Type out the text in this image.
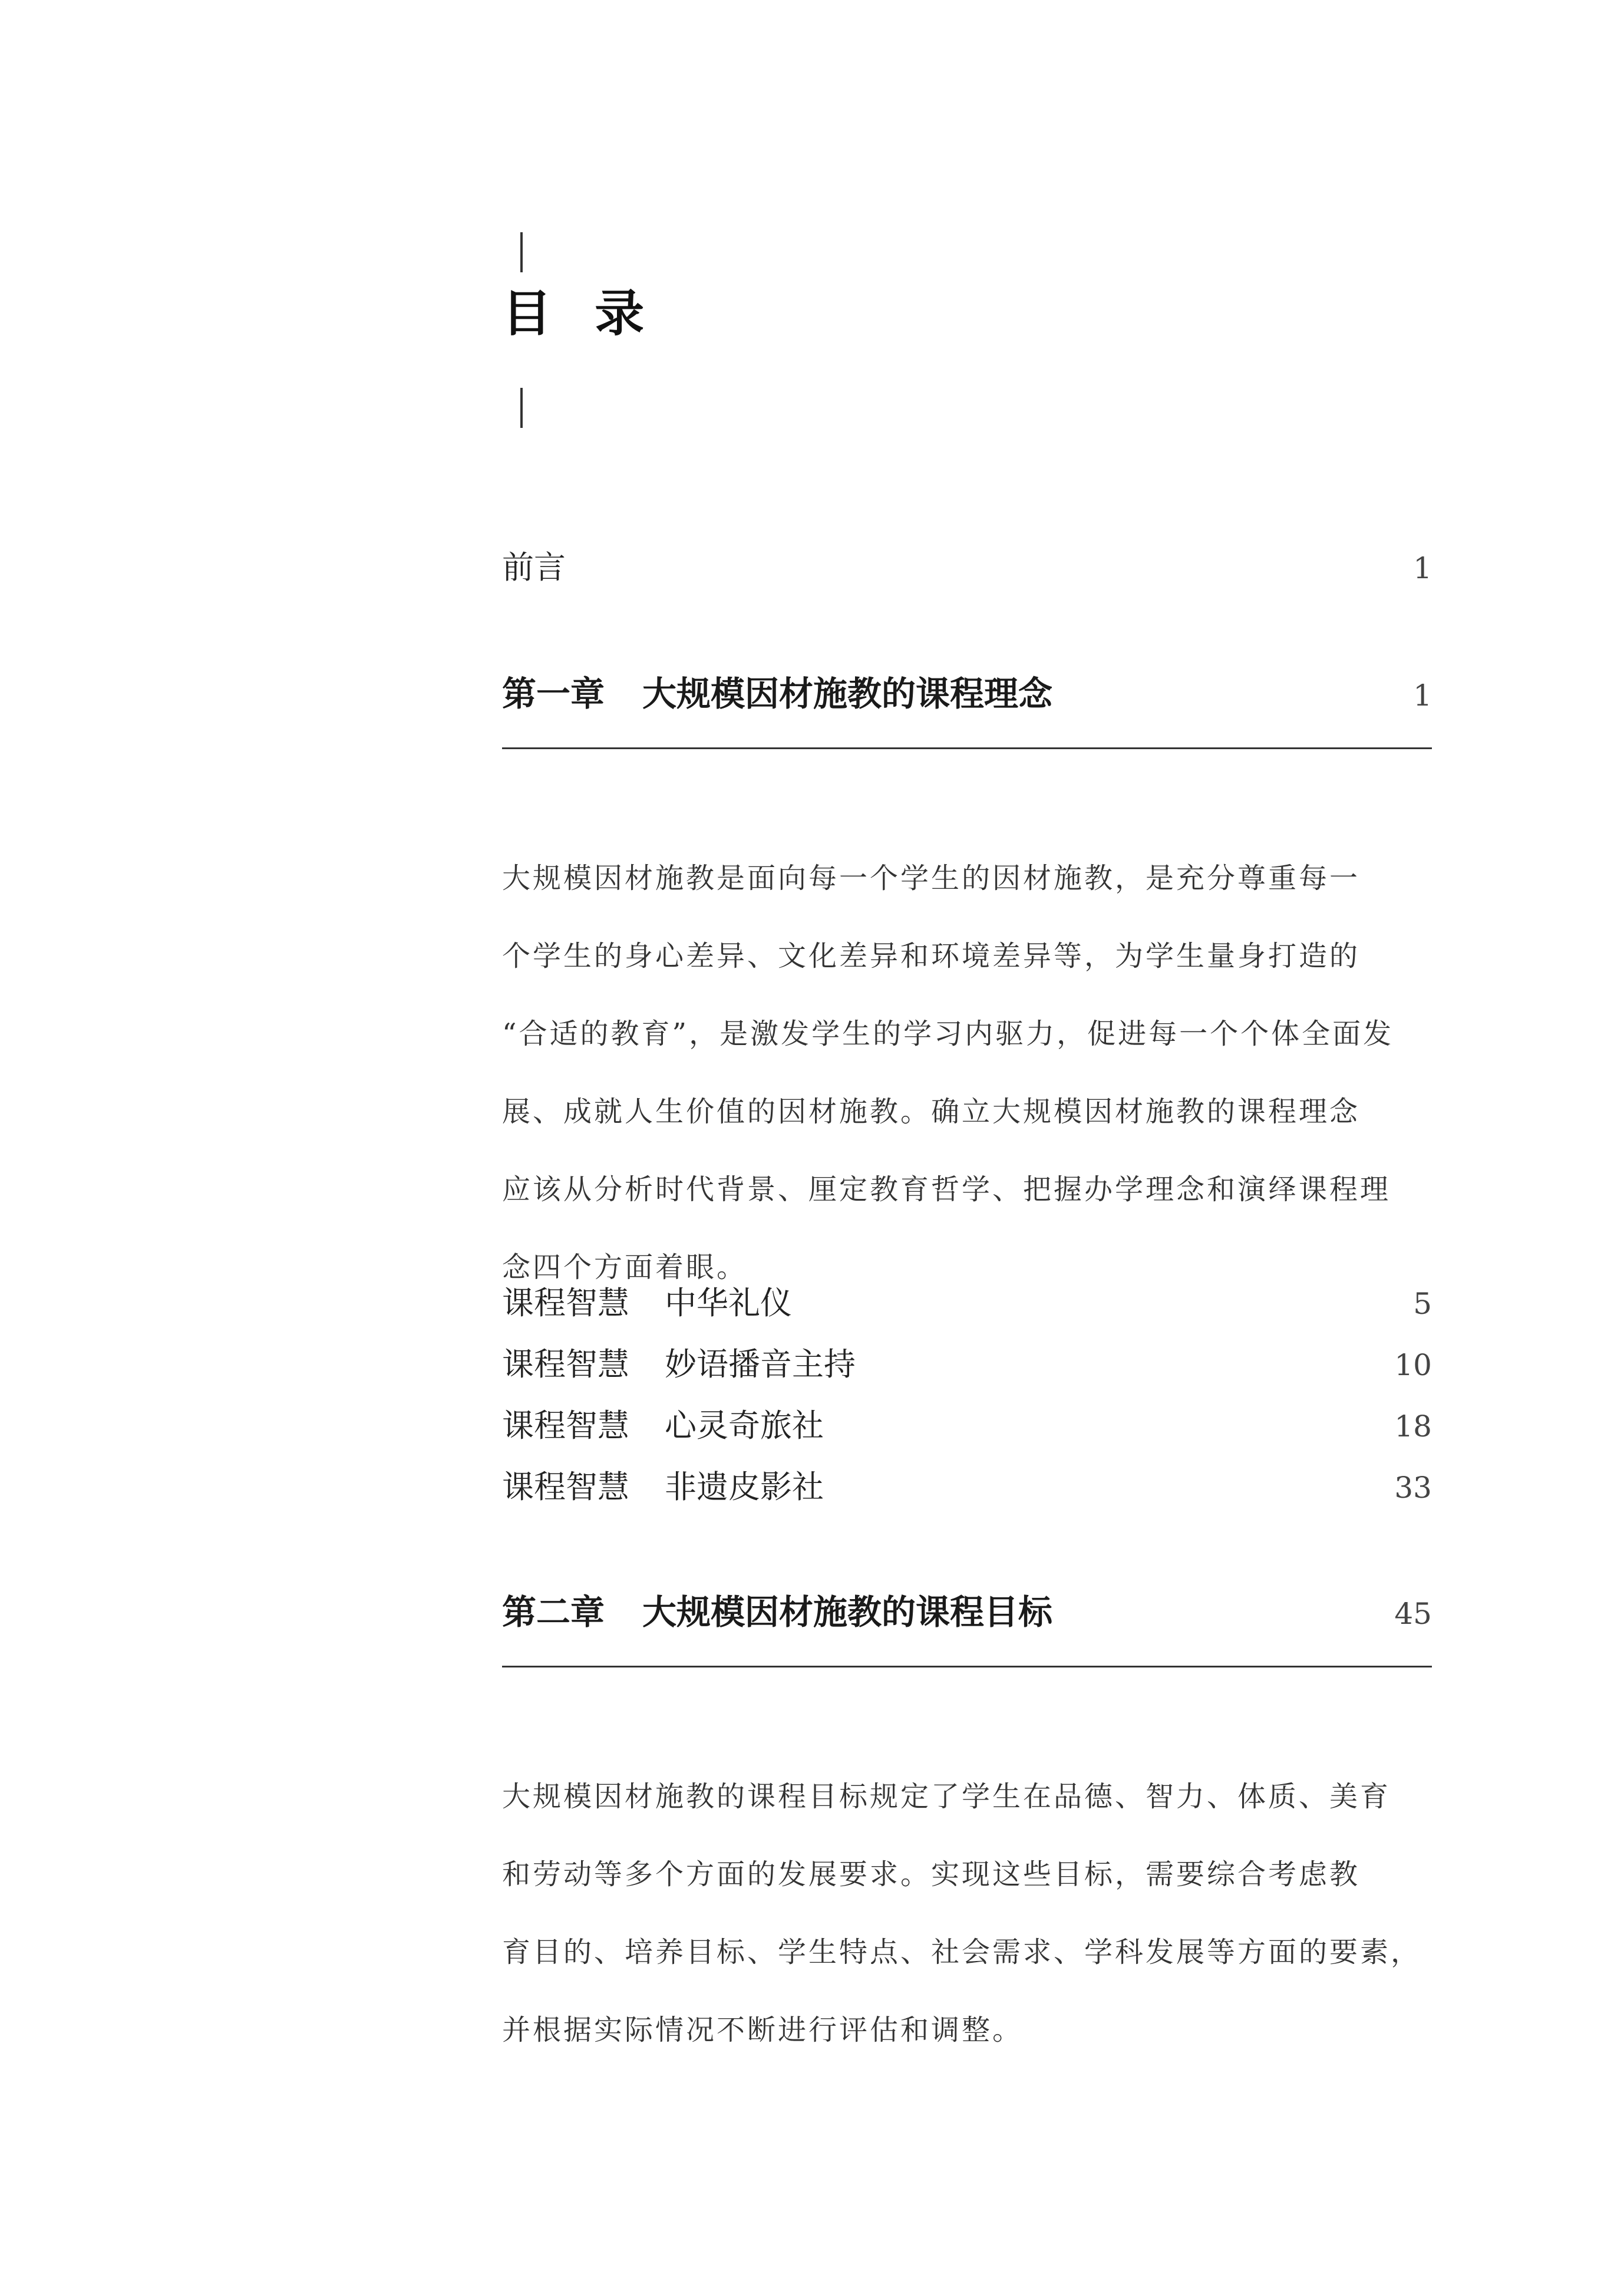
目 录
前言	1
第一章 大规模因材施教的课程理念	1
大规模因材施教是面向每一个学生的因材施教，是充分尊重每一
个学生的身心差异、文化差异和环境差异等，为学生量身打造的
“合适的教育”，是激发学生的学习内驱力，促进每一个个体全面发
展、成就人生价值的因材施教。确立大规模因材施教的课程理念
应该从分析时代背景、厘定教育哲学、把握办学理念和演绎课程理
念四个方面着眼。
课程智慧 中华礼仪	5
课程智慧 妙语播音主持	10
课程智慧 心灵奇旅社	18
课程智慧 非遗皮影社	33
第二章 大规模因材施教的课程目标	45
大规模因材施教的课程目标规定了学生在品德、智力、体质、美育
和劳动等多个方面的发展要求。实现这些目标，需要综合考虑教
育目的、培养目标、学生特点、社会需求、学科发展等方面的要素，
并根据实际情况不断进行评估和调整。
